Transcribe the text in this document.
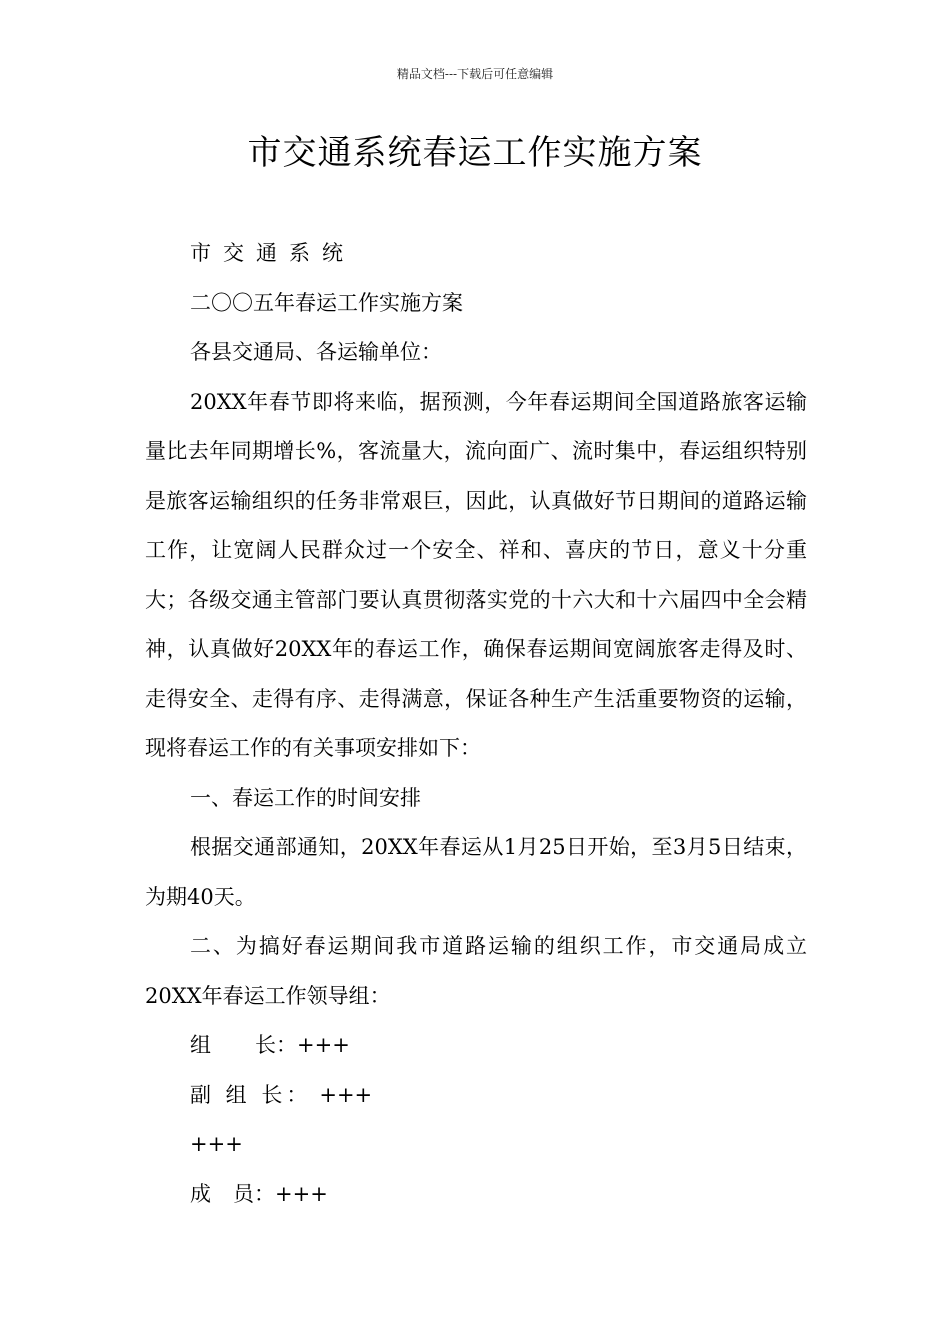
精品文档---下载后可任意编辑
市交通系统春运工作实施方案

市交通系统

二〇〇五年春运工作实施方案

各县交通局、各运输单位：

20XX年春节即将来临，据预测，今年春运期间全国道路旅客运输量比去年同期增长%，客流量大，流向面广、流时集中，春运组织特别是旅客运输组织的任务非常艰巨，因此，认真做好节日期间的道路运输工作，让宽阔人民群众过一个安全、祥和、喜庆的节日，意义十分重大；各级交通主管部门要认真贯彻落实党的十六大和十六届四中全会精神，认真做好20XX年的春运工作，确保春运期间宽阔旅客走得及时、走得安全、走得有序、走得满意，保证各种生产生活重要物资的运输，现将春运工作的有关事项安排如下：

一、春运工作的时间安排

根据交通部通知，20XX年春运从1月25日开始，至3月5日结束，为期40天。

二、为搞好春运期间我市道路运输的组织工作，市交通局成立20XX年春运工作领导组：

组 长：+++

副 组 长： +++

+++

成 员：+++
